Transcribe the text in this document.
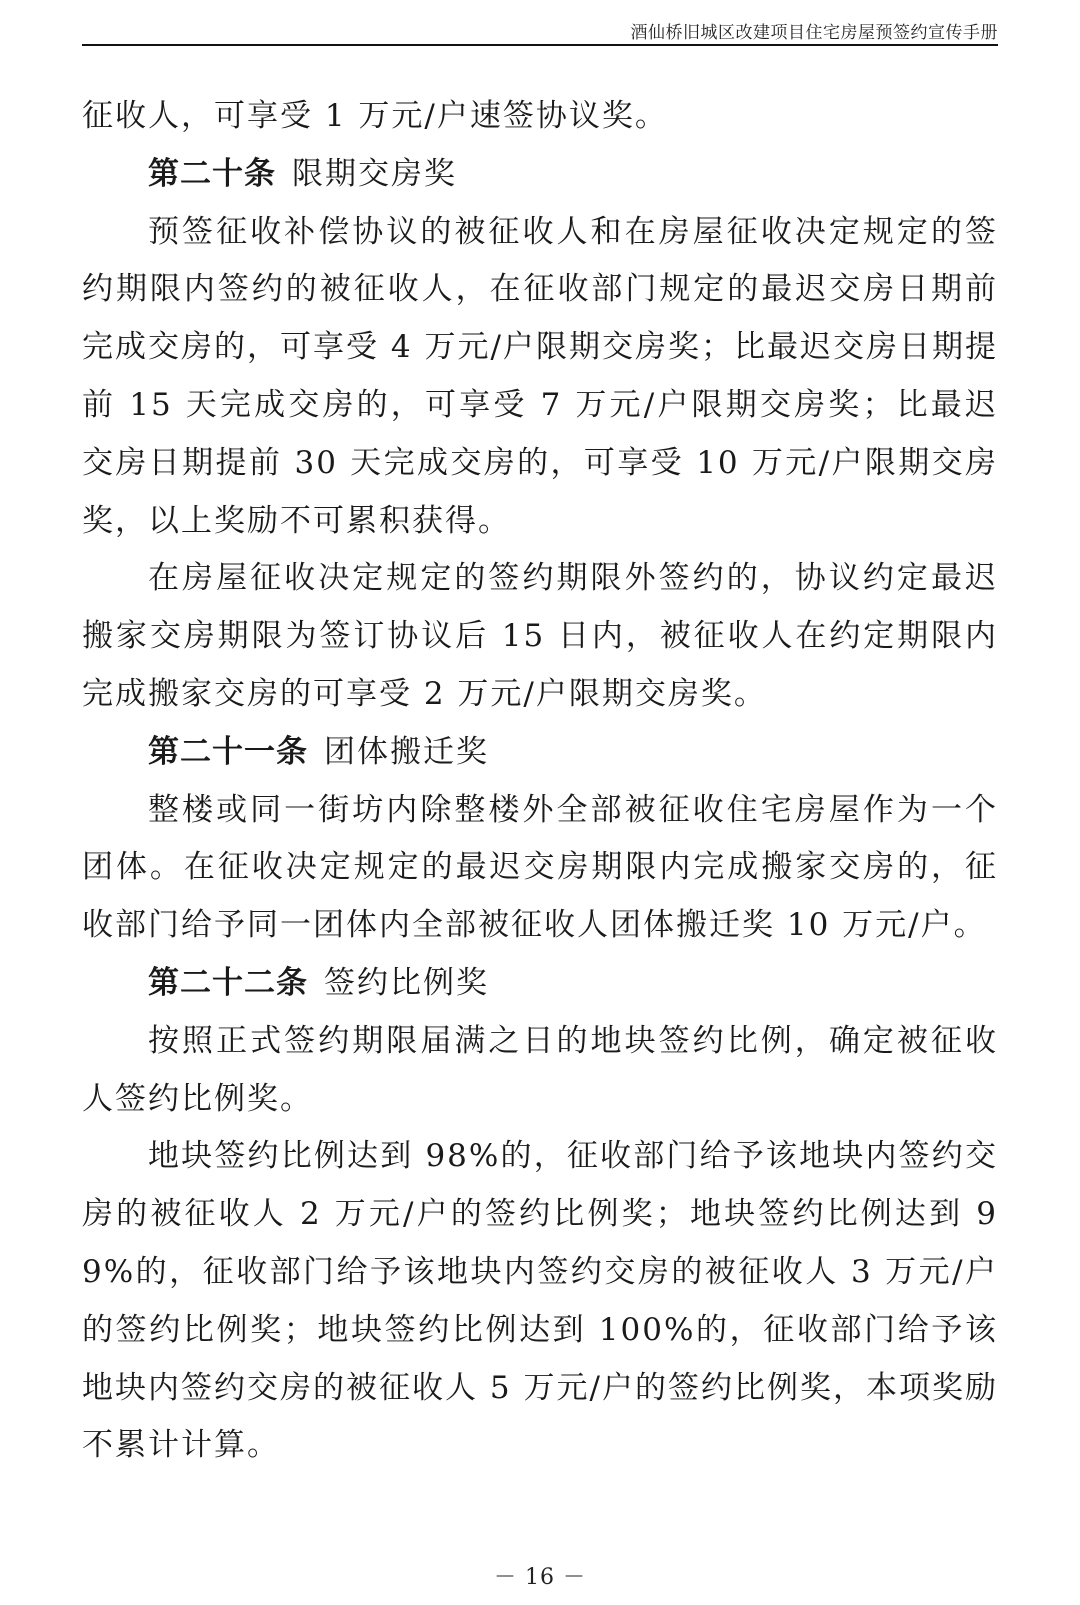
酒仙桥旧城区改建项目住宅房屋预签约宣传手册

征收人，可享受 1 万元/户速签协议奖。

第二十条 限期交房奖

预签征收补偿协议的被征收人和在房屋征收决定规定的签约期限内签约的被征收人，在征收部门规定的最迟交房日期前完成交房的，可享受 4 万元/户限期交房奖；比最迟交房日期提前 15 天完成交房的，可享受 7 万元/户限期交房奖；比最迟交房日期提前 30 天完成交房的，可享受 10 万元/户限期交房奖，以上奖励不可累积获得。

在房屋征收决定规定的签约期限外签约的，协议约定最迟搬家交房期限为签订协议后 15 日内，被征收人在约定期限内完成搬家交房的可享受 2 万元/户限期交房奖。

第二十一条 团体搬迁奖

整楼或同一街坊内除整楼外全部被征收住宅房屋作为一个团体。在征收决定规定的最迟交房期限内完成搬家交房的，征收部门给予同一团体内全部被征收人团体搬迁奖 10 万元/户。

第二十二条 签约比例奖

按照正式签约期限届满之日的地块签约比例，确定被征收人签约比例奖。

地块签约比例达到 98%的，征收部门给予该地块内签约交房的被征收人 2 万元/户的签约比例奖；地块签约比例达到 99%的，征收部门给予该地块内签约交房的被征收人 3 万元/户的签约比例奖；地块签约比例达到 100%的，征收部门给予该地块内签约交房的被征收人 5 万元/户的签约比例奖，本项奖励不累计计算。

－ 16 －
